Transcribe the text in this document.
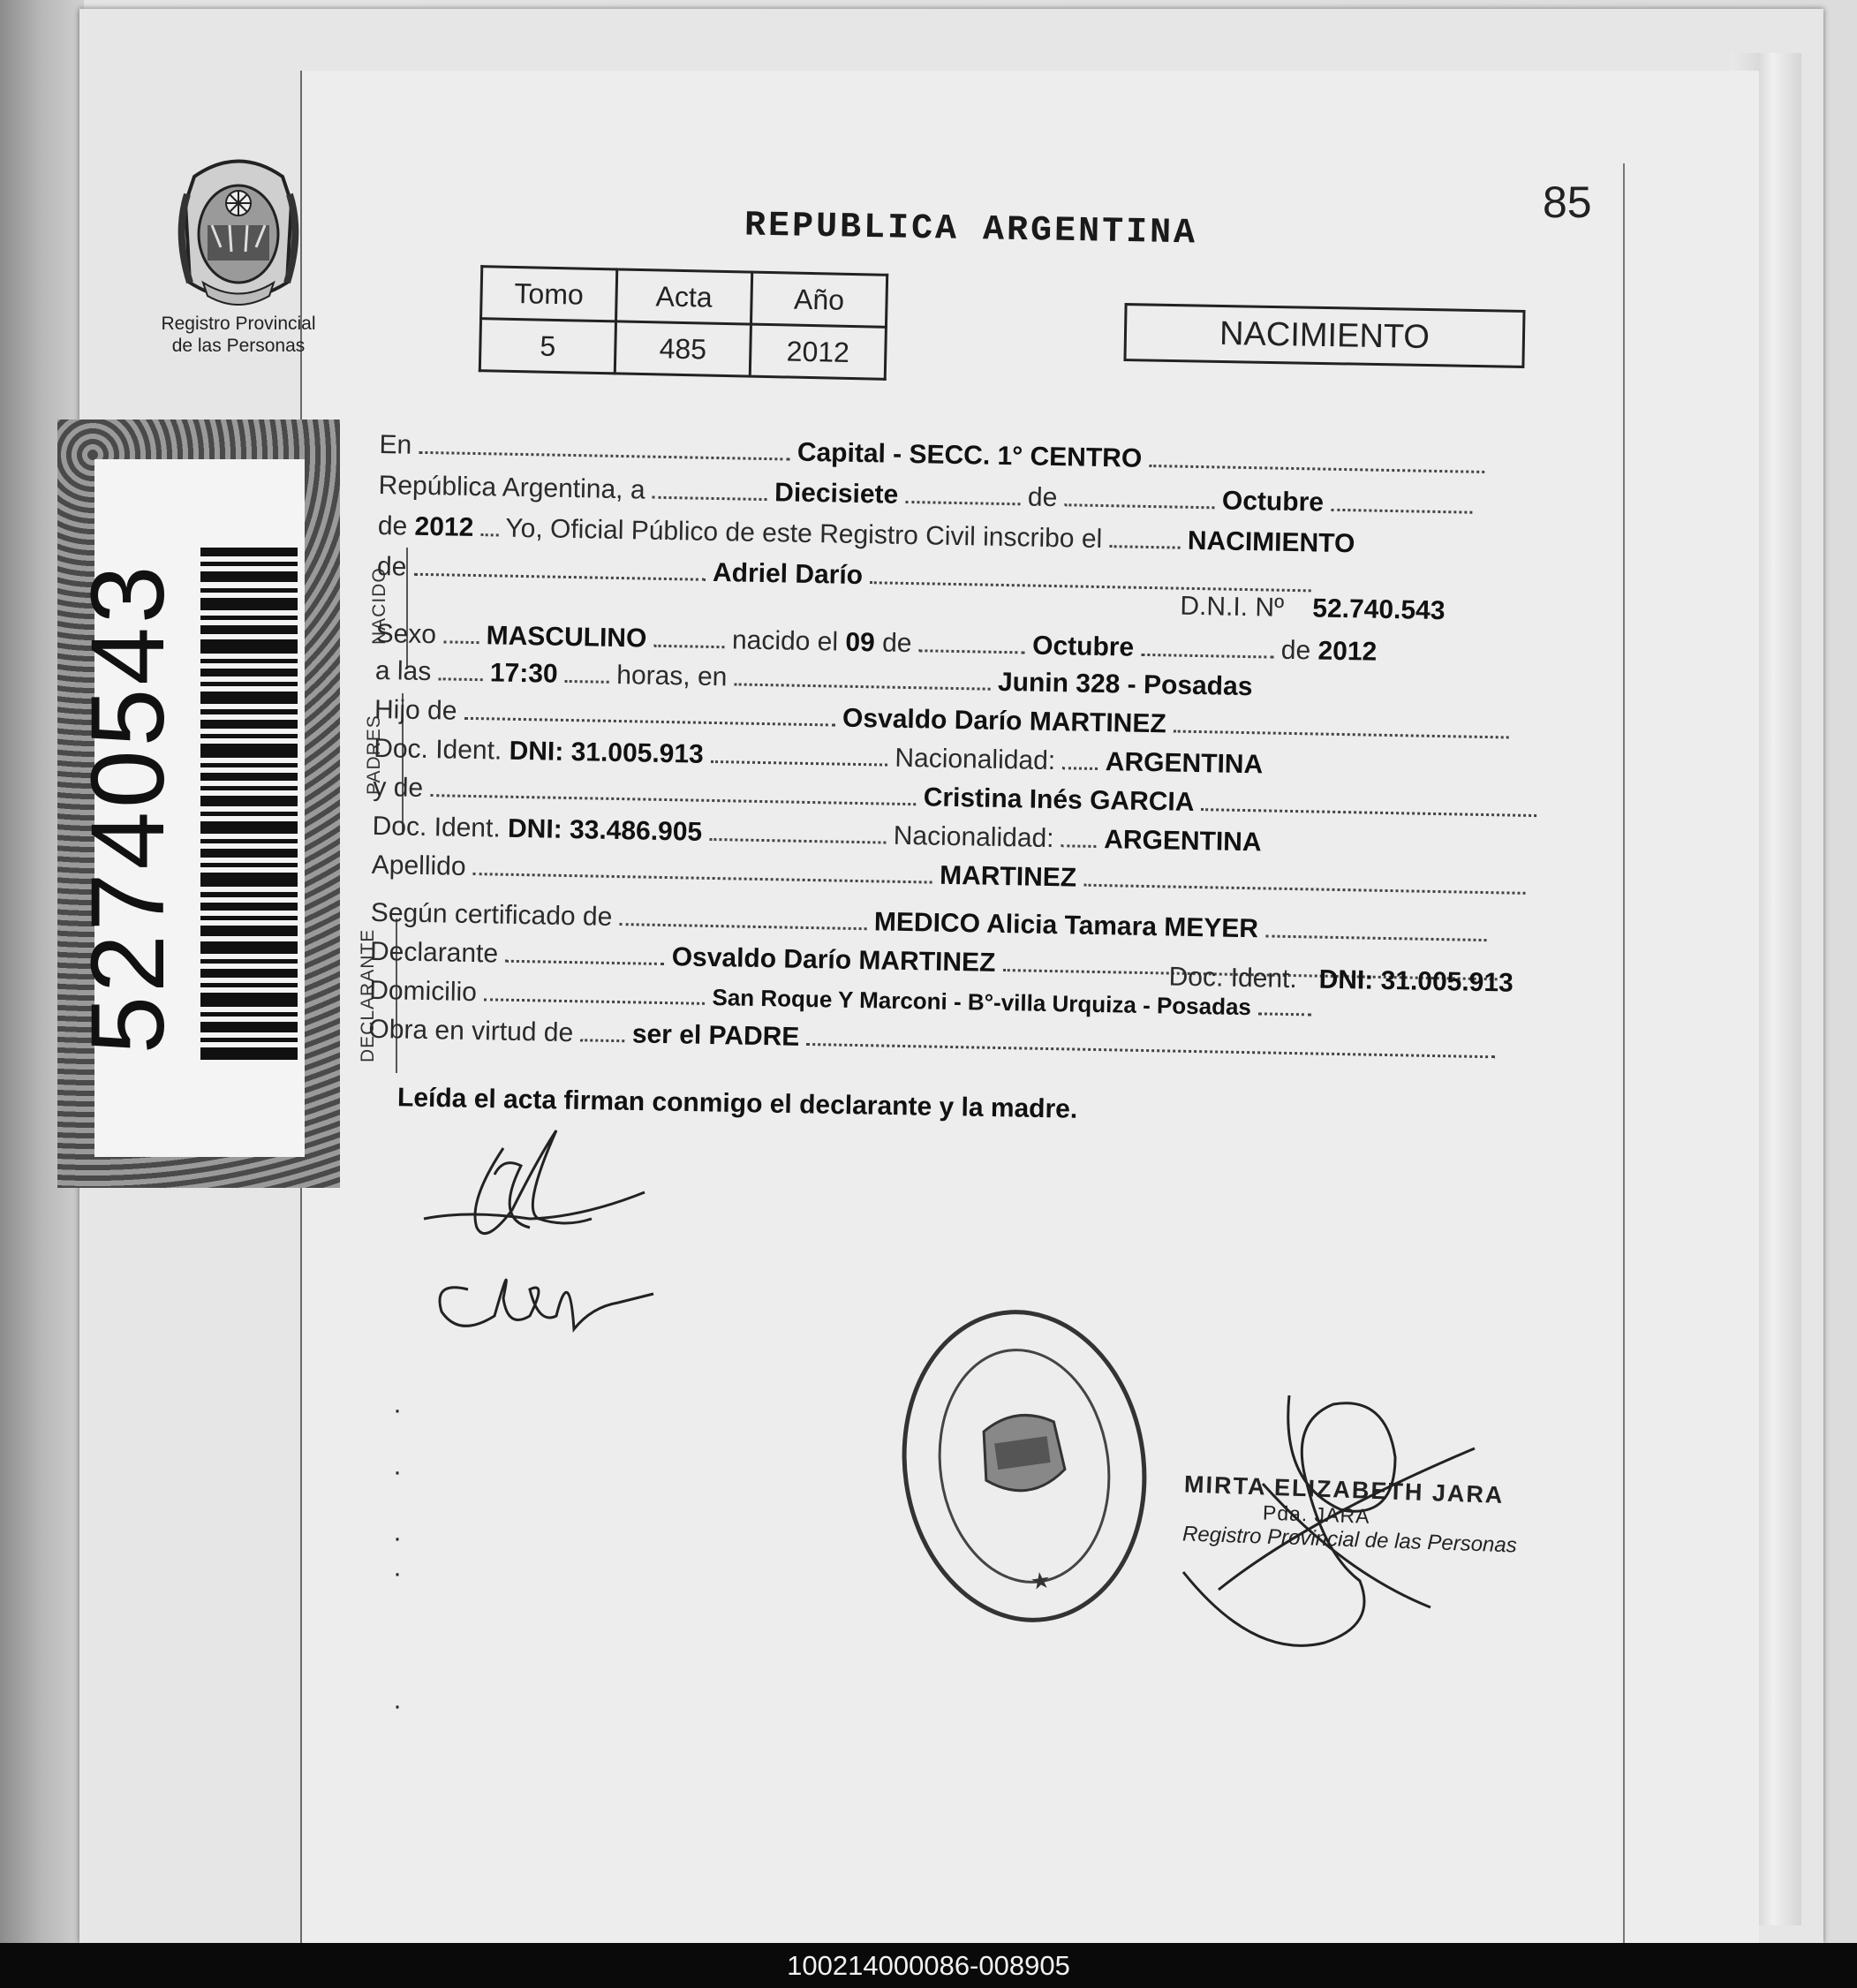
Registro Provincial
de las Personas
52740543
85
REPUBLICA ARGENTINA
Tomo	Acta	Año
5	485	2012	NACIMIENTO
NACIDO
PADRES
DECLARANTE
En	Capital - SECC. 1° CENTRO
República Argentina, a	Diecisiete	de	Octubre
de 2012 Yo, Oficial Público de este Registro Civil inscribo el	NACIMIENTO
de	Adriel Darío
D.N.I. Nº 52.740.543
Sexo MASCULINO	nacido el 09 de	Octubre	de 2012
a las 17:30 horas, en	Junin 328 - Posadas
Hijo de	Osvaldo Darío MARTINEZ
Doc. Ident. DNI: 31.005.913	Nacionalidad: ARGENTINA
y de	Cristina Inés GARCIA
Doc. Ident. DNI: 33.486.905	Nacionalidad: ARGENTINA
Apellido	MARTINEZ
Según certificado de	MEDICO Alicia Tamara MEYER
Declarante	Osvaldo Darío MARTINEZ
Domicilio	San Roque Y Marconi - B°-villa Urquiza - Posadas
Doc. Ident. DNI: 31.005.913
Obra en virtud de ser el PADRE
Leída el acta firman conmigo el declarante y la madre.
★
MIRTA ELIZABETH JARA
Pda. JARA
Registro Provincial de las Personas
·
·
·
·
·
100214000086-008905
